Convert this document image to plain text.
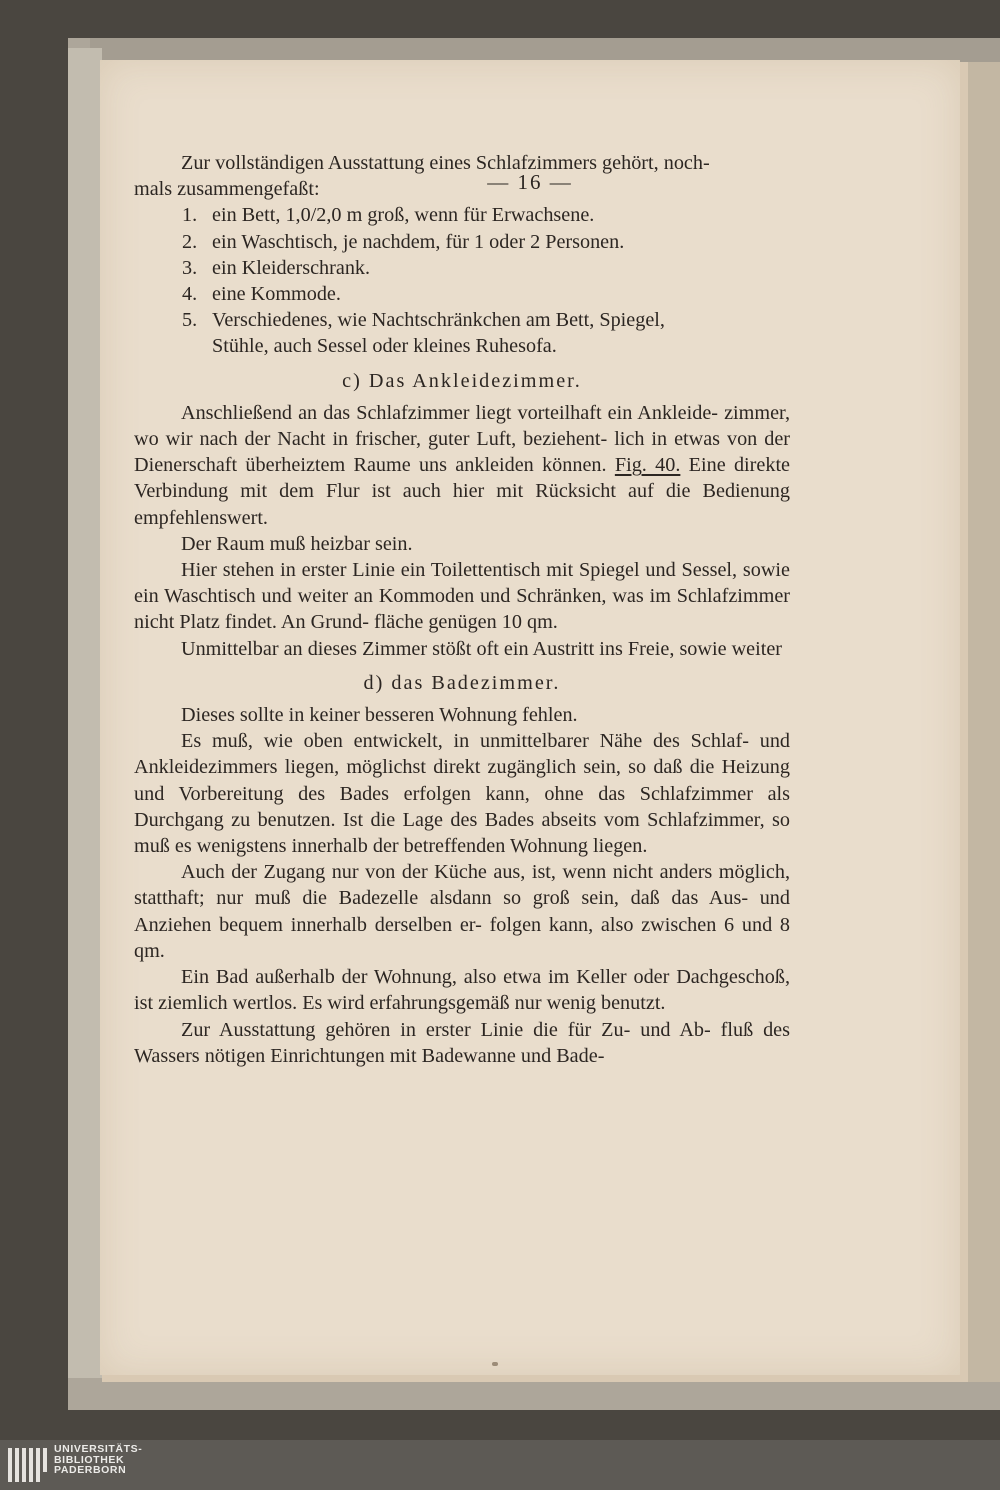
— 16 —

Zur vollständigen Ausstattung eines Schlafzimmers gehört, noch-
mals zusammengefaßt:

1. ein Bett, 1,0/2,0 m groß, wenn für Erwachsene.
2. ein Waschtisch, je nachdem, für 1 oder 2 Personen.
3. ein Kleiderschrank.
4. eine Kommode.
5. Verschiedenes, wie Nachtschränkchen am Bett, Spiegel,
Stühle, auch Sessel oder kleines Ruhesofa.
c) Das Ankleidezimmer.

Anschließend an das Schlafzimmer liegt vorteilhaft ein Ankleide- zimmer, wo wir nach der Nacht in frischer, guter Luft, beziehent- lich in etwas von der Dienerschaft überheiztem Raume uns ankleiden können. Fig. 40. Eine direkte Verbindung mit dem Flur ist auch hier mit Rücksicht auf die Bedienung empfehlenswert.

Der Raum muß heizbar sein.

Hier stehen in erster Linie ein Toilettentisch mit Spiegel und Sessel, sowie ein Waschtisch und weiter an Kommoden und Schränken, was im Schlafzimmer nicht Platz findet. An Grund- fläche genügen 10 qm.

Unmittelbar an dieses Zimmer stößt oft ein Austritt ins Freie, sowie weiter

d) das Badezimmer.

Dieses sollte in keiner besseren Wohnung fehlen.

Es muß, wie oben entwickelt, in unmittelbarer Nähe des Schlaf- und Ankleidezimmers liegen, möglichst direkt zugänglich sein, so daß die Heizung und Vorbereitung des Bades erfolgen kann, ohne das Schlafzimmer als Durchgang zu benutzen. Ist die Lage des Bades abseits vom Schlafzimmer, so muß es wenigstens innerhalb der betreffenden Wohnung liegen.

Auch der Zugang nur von der Küche aus, ist, wenn nicht anders möglich, statthaft; nur muß die Badezelle alsdann so groß sein, daß das Aus- und Anziehen bequem innerhalb derselben er- folgen kann, also zwischen 6 und 8 qm.

Ein Bad außerhalb der Wohnung, also etwa im Keller oder Dachgeschoß, ist ziemlich wertlos. Es wird erfahrungsgemäß nur wenig benutzt.

Zur Ausstattung gehören in erster Linie die für Zu- und Ab- fluß des Wassers nötigen Einrichtungen mit Badewanne und Bade-

UNIVERSITÄTS-
BIBLIOTHEK
PADERBORN
